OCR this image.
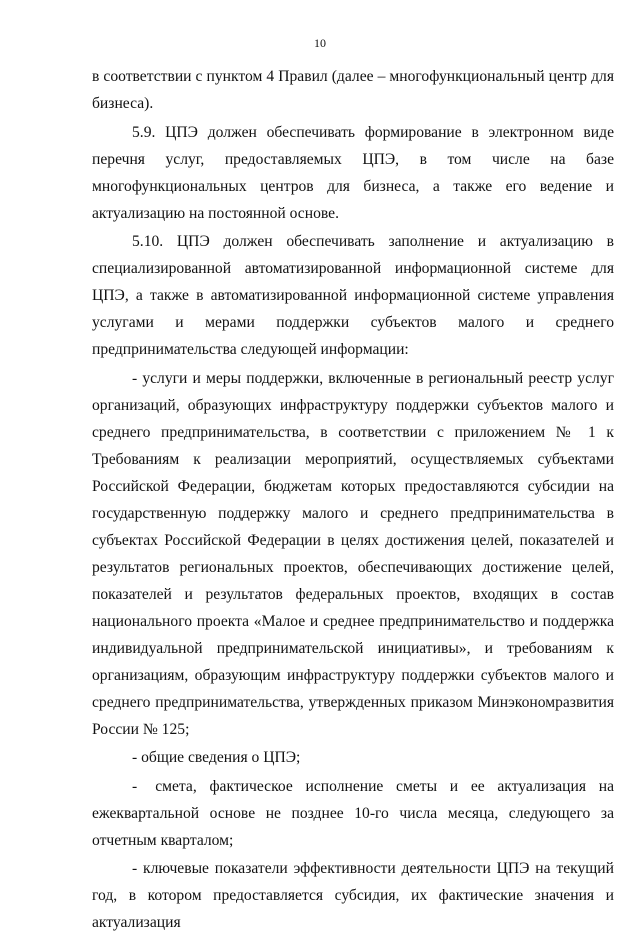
10

в соответствии с пунктом 4 Правил (далее – многофункциональный центр для бизнеса).

5.9. ЦПЭ должен обеспечивать формирование в электронном виде перечня услуг, предоставляемых ЦПЭ, в том числе на базе многофункциональных центров для бизнеса, а также его ведение и актуализацию на постоянной основе.

5.10. ЦПЭ должен обеспечивать заполнение и актуализацию в специализированной автоматизированной информационной системе для ЦПЭ, а также в автоматизированной информационной системе управления услугами и мерами поддержки субъектов малого и среднего предпринимательства следующей информации:

- услуги и меры поддержки, включенные в региональный реестр услуг организаций, образующих инфраструктуру поддержки субъектов малого и среднего предпринимательства, в соответствии с приложением № 1 к Требованиям к реализации мероприятий, осуществляемых субъектами Российской Федерации, бюджетам которых предоставляются субсидии на государственную поддержку малого и среднего предпринимательства в субъектах Российской Федерации в целях достижения целей, показателей и результатов региональных проектов, обеспечивающих достижение целей, показателей и результатов федеральных проектов, входящих в состав национального проекта «Малое и среднее предпринимательство и поддержка индивидуальной предпринимательской инициативы», и требованиям к организациям, образующим инфраструктуру поддержки субъектов малого и среднего предпринимательства, утвержденных приказом Минэкономразвития России № 125;

- общие сведения о ЦПЭ;

- смета, фактическое исполнение сметы и ее актуализация на ежеквартальной основе не позднее 10-го числа месяца, следующего за отчетным кварталом;

- ключевые показатели эффективности деятельности ЦПЭ на текущий год, в котором предоставляется субсидия, их фактические значения и актуализация
